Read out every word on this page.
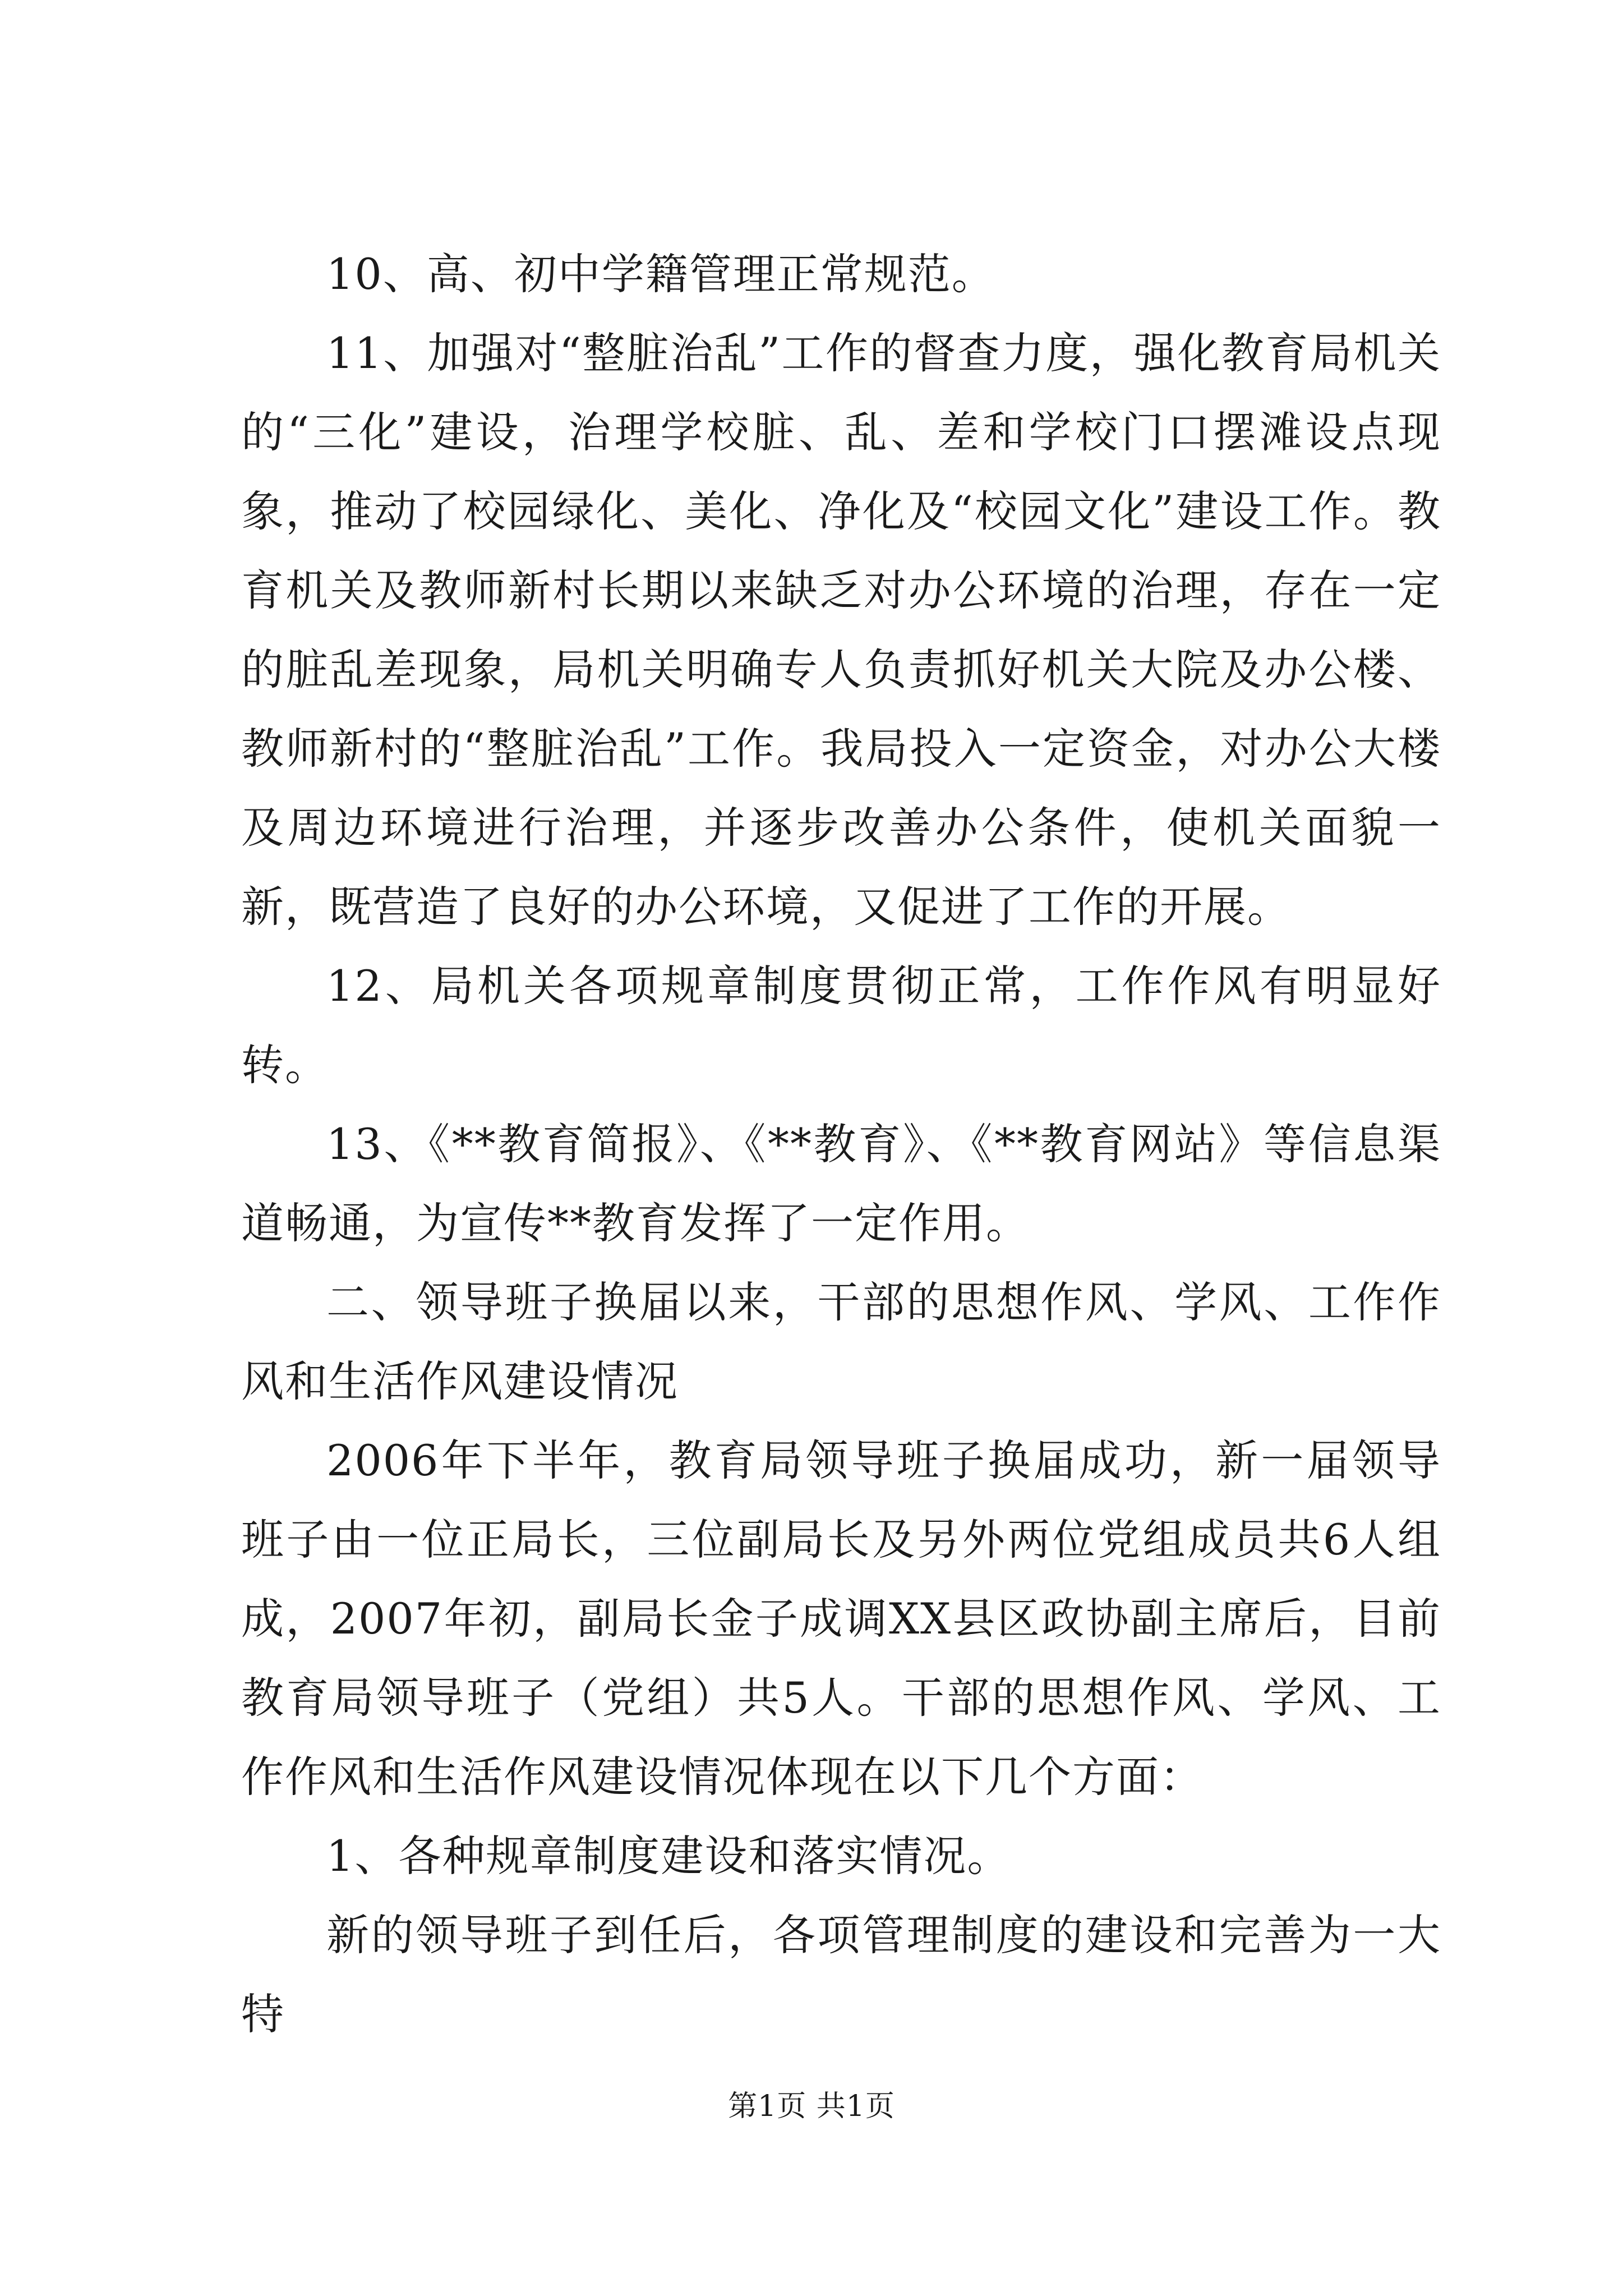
10、高、初中学籍管理正常规范。

11、加强对“整脏治乱”工作的督查力度，强化教育局机关的“三化”建设，治理学校脏、乱、差和学校门口摆滩设点现象，推动了校园绿化、美化、净化及“校园文化”建设工作。教育机关及教师新村长期以来缺乏对办公环境的治理，存在一定的脏乱差现象，局机关明确专人负责抓好机关大院及办公楼、教师新村的“整脏治乱”工作。我局投入一定资金，对办公大楼及周边环境进行治理，并逐步改善办公条件，使机关面貌一新，既营造了良好的办公环境，又促进了工作的开展。

12、局机关各项规章制度贯彻正常，工作作风有明显好转。

13、《**教育简报》、《**教育》、《**教育网站》等信息渠道畅通，为宣传**教育发挥了一定作用。

二、领导班子换届以来，干部的思想作风、学风、工作作风和生活作风建设情况

2006年下半年，教育局领导班子换届成功，新一届领导班子由一位正局长，三位副局长及另外两位党组成员共6人组成，2007年初，副局长金子成调XX县区政协副主席后，目前教育局领导班子（党组）共5人。干部的思想作风、学风、工作作风和生活作风建设情况体现在以下几个方面：

1、各种规章制度建设和落实情况。

新的领导班子到任后，各项管理制度的建设和完善为一大特

第1页 共1页
